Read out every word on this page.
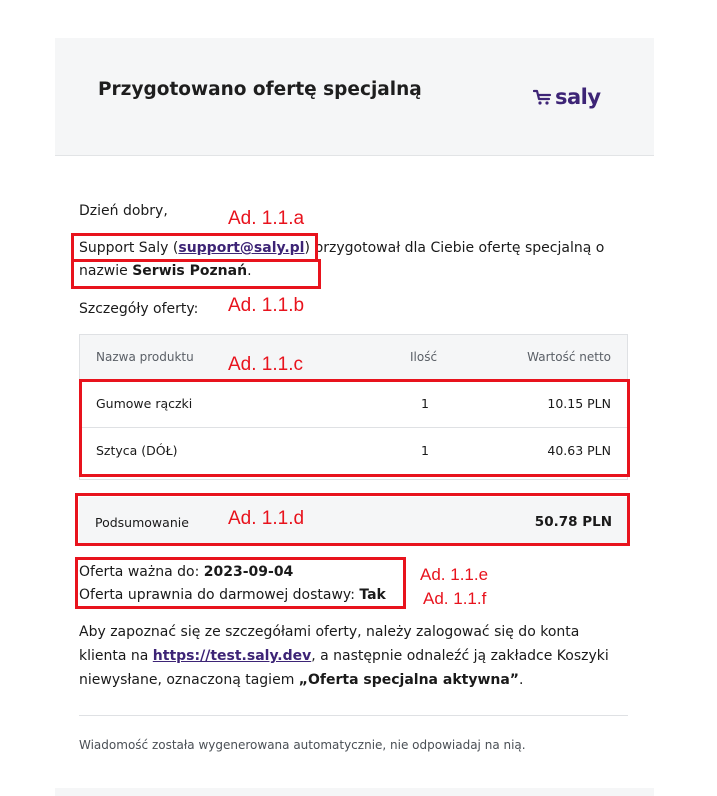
Przygotowano ofertę specjalną	saly
Dzień dobry,
Support Saly (support@saly.pl) przygotował dla Ciebie ofertę specjalną o
nazwie Serwis Poznań.
Szczegóły oferty:
Nazwa produktu	Ilość	Wartość netto
Gumowe rączki	1	10.15 PLN
Sztyca (DÓŁ)	1	40.63 PLN
Podsumowanie	50.78 PLN
Oferta ważna do: 2023-09-04
Oferta uprawnia do darmowej dostawy: Tak
Aby zapoznać się ze szczegółami oferty, należy zalogować się do konta
klienta na https://test.saly.dev, a następnie odnaleźć ją zakładce Koszyki
niewysłane, oznaczoną tagiem „Oferta specjalna aktywna”.
Wiadomość została wygenerowana automatycznie, nie odpowiadaj na nią.
Ad. 1.1.a
Ad. 1.1.b
Ad. 1.1.c
Ad. 1.1.d
Ad. 1.1.e
Ad. 1.1.f
